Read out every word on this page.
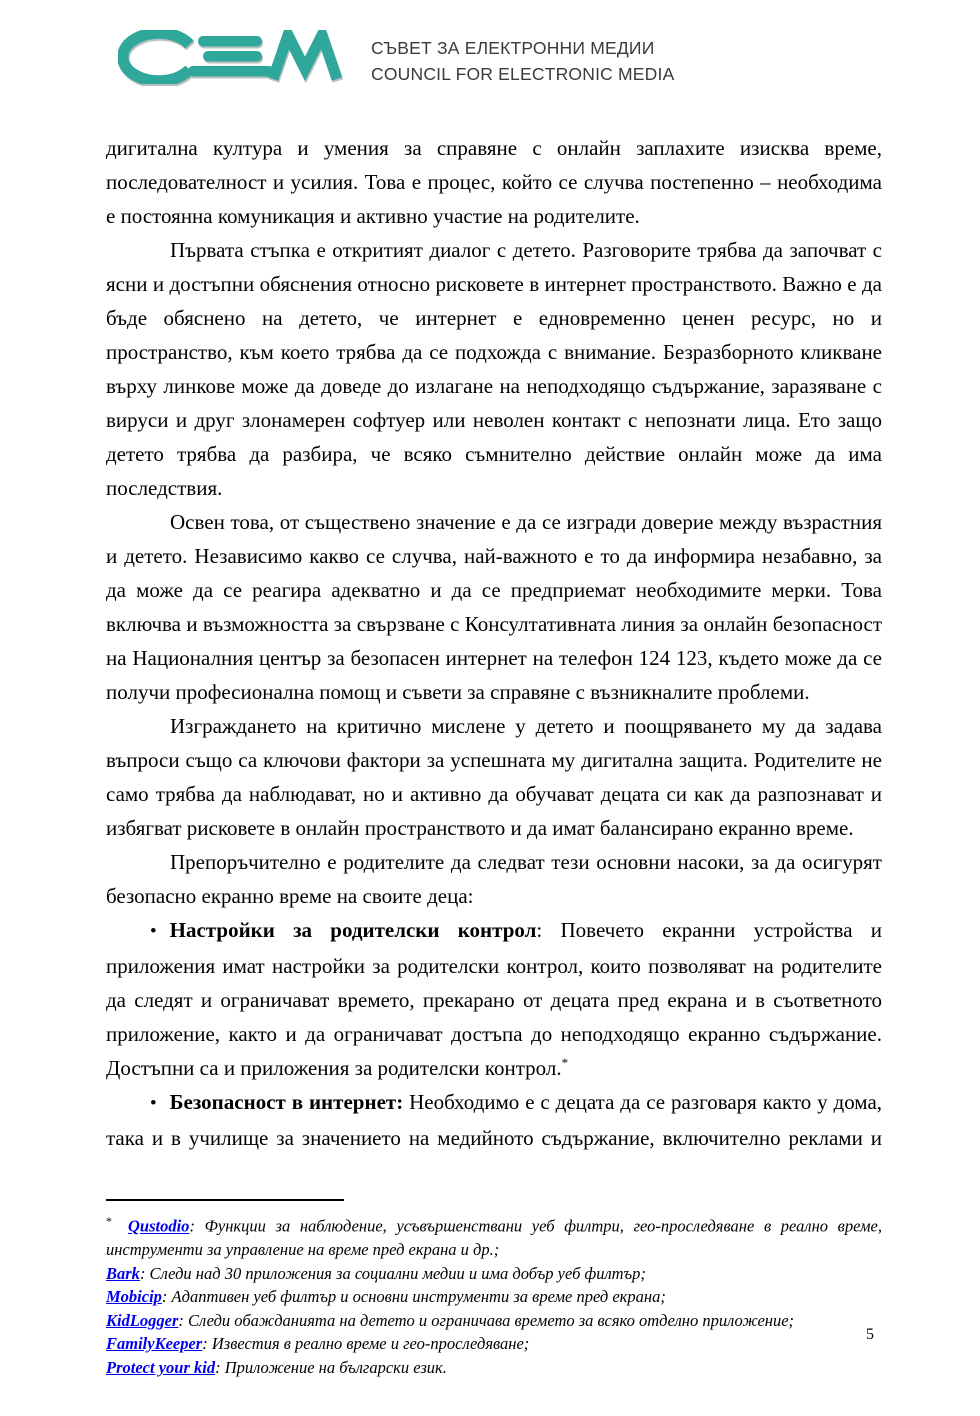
СЪВЕТ ЗА ЕЛЕКТРОННИ МЕДИИ
COUNCIL FOR ELECTRONIC MEDIA

дигитална култура и умения за справяне с онлайн заплахите изисква време, последователност и усилия. Това е процес, който се случва постепенно – необходима е постоянна комуникация и активно участие на родителите.

Първата стъпка е откритият диалог с детето. Разговорите трябва да започват с ясни и достъпни обяснения относно рисковете в интернет пространството. Важно е да бъде обяснено на детето, че интернет е едновременно ценен ресурс, но и пространство, към което трябва да се подхожда с внимание. Безразборното кликване върху линкове може да доведе до излагане на неподходящо съдържание, заразяване с вируси и друг злонамерен софтуер или неволен контакт с непознати лица. Ето защо детето трябва да разбира, че всяко съмнително действие онлайн може да има последствия.

Освен това, от съществено значение е да се изгради доверие между възрастния и детето. Независимо какво се случва, най-важното е то да информира незабавно, за да може да се реагира адекватно и да се предприемат необходимите мерки. Това включва и възможността за свързване с Консултативната линия за онлайн безопасност на Националния център за безопасен интернет на телефон 124 123, където може да се получи професионална помощ и съвети за справяне с възникналите проблеми.

Изграждането на критично мислене у детето и поощряването му да задава въпроси също са ключови фактори за успешната му дигитална защита. Родителите не само трябва да наблюдават, но и активно да обучават децата си как да разпознават и избягват рисковете в онлайн пространството и да имат балансирано екранно време.

Препоръчително е родителите да следват тези основни насоки, за да осигурят безопасно екранно време на своите деца:

• Настройки за родителски контрол: Повечето екранни устройства и приложения имат настройки за родителски контрол, които позволяват на родителите да следят и ограничават времето, прекарано от децата пред екрана и в съответното приложение, както и да ограничават достъпа до неподходящо екранно съдържание. Достъпни са и приложения за родителски контрол.*

• Безопасност в интернет: Необходимо е с децата да се разговаря както у дома, така и в училище за значението на медийното съдържание, включително реклами и

* Qustodio: Функции за наблюдение, усъвършенствани уеб филтри, гео-проследяване в реално време, инструменти за управление на време пред екрана и др.;

Bark: Следи над 30 приложения за социални медии и има добър уеб филтър;

Mobicip: Адаптивен уеб филтър и основни инструменти за време пред екрана;

KidLogger: Следи обажданията на детето и ограничава времето за всяко отделно приложение;

FamilyKeeper: Известия в реално време и гео-проследяване;

Protect your kid: Приложение на български език.

5
